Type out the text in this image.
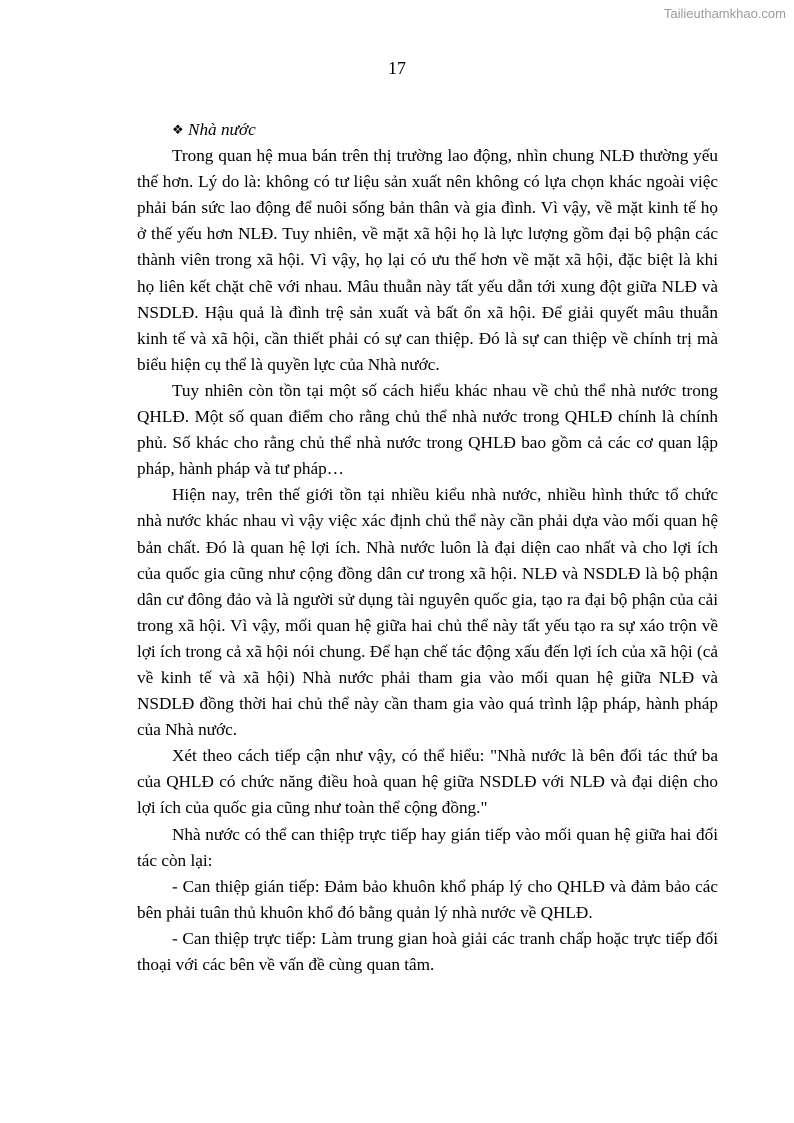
Tailieuthamkhao.com
17
❖ Nhà nước

Trong quan hệ mua bán trên thị trường lao động, nhìn chung NLĐ thường yếu thế hơn. Lý do là: không có tư liệu sản xuất nên không có lựa chọn khác ngoài việc phải bán sức lao động để nuôi sống bản thân và gia đình. Vì vậy, về mặt kinh tế họ ở thế yếu hơn NLĐ. Tuy nhiên, về mặt xã hội họ là lực lượng gồm đại bộ phận các thành viên trong xã hội. Vì vậy, họ lại có ưu thế hơn về mặt xã hội, đặc biệt là khi họ liên kết chặt chẽ với nhau. Mâu thuẫn này tất yếu dẫn tới xung đột giữa NLĐ và NSDLĐ. Hậu quả là đình trệ sản xuất và bất ổn xã hội. Để giải quyết mâu thuẫn kinh tế và xã hội, cần thiết phải có sự can thiệp. Đó là sự can thiệp về chính trị mà biểu hiện cụ thể là quyền lực của Nhà nước.

Tuy nhiên còn tồn tại một số cách hiểu khác nhau về chủ thể nhà nước trong QHLĐ. Một số quan điểm cho rằng chủ thể nhà nước trong QHLĐ chính là chính phủ. Số khác cho rằng chủ thể nhà nước trong QHLĐ bao gồm cả các cơ quan lập pháp, hành pháp và tư pháp…

Hiện nay, trên thế giới tồn tại nhiều kiểu nhà nước, nhiều hình thức tổ chức nhà nước khác nhau vì vậy việc xác định chủ thể này cần phải dựa vào mối quan hệ bản chất. Đó là quan hệ lợi ích. Nhà nước luôn là đại diện cao nhất và cho lợi ích của quốc gia cũng như cộng đồng dân cư trong xã hội. NLĐ và NSDLĐ là bộ phận dân cư đông đảo và là người sử dụng tài nguyên quốc gia, tạo ra đại bộ phận của cải trong xã hội. Vì vậy, mối quan hệ giữa hai chủ thể này tất yếu tạo ra sự xáo trộn về lợi ích trong cả xã hội nói chung. Để hạn chế tác động xấu đến lợi ích của xã hội (cả về kinh tế và xã hội) Nhà nước phải tham gia vào mối quan hệ giữa NLĐ và NSDLĐ đồng thời hai chủ thể này cần tham gia vào quá trình lập pháp, hành pháp của Nhà nước.

Xét theo cách tiếp cận như vậy, có thể hiểu: "Nhà nước là bên đối tác thứ ba của QHLĐ có chức năng điều hoà quan hệ giữa NSDLĐ với NLĐ và đại diện cho lợi ích của quốc gia cũng như toàn thể cộng đồng."

Nhà nước có thể can thiệp trực tiếp hay gián tiếp vào mối quan hệ giữa hai đối tác còn lại:

- Can thiệp gián tiếp: Đảm bảo khuôn khổ pháp lý cho QHLĐ và đảm bảo các bên phải tuân thủ khuôn khổ đó bằng quản lý nhà nước về QHLĐ.

- Can thiệp trực tiếp: Làm trung gian hoà giải các tranh chấp hoặc trực tiếp đối thoại với các bên về vấn đề cùng quan tâm.
